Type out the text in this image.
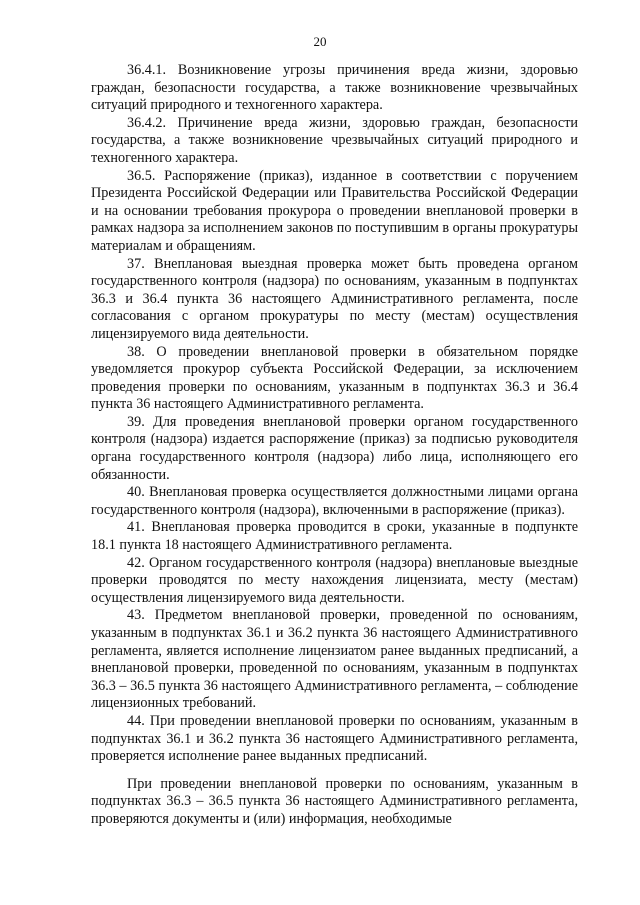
20

36.4.1. Возникновение угрозы причинения вреда жизни, здоровью граждан, безопасности государства, а также возникновение чрезвычайных ситуаций природного и техногенного характера.

36.4.2. Причинение вреда жизни, здоровью граждан, безопасности государства, а также возникновение чрезвычайных ситуаций природного и техногенного характера.

36.5. Распоряжение (приказ), изданное в соответствии с поручением Президента Российской Федерации или Правительства Российской Федерации и на основании требования прокурора о проведении внеплановой проверки в рамках надзора за исполнением законов по поступившим в органы прокуратуры материалам и обращениям.

37. Внеплановая выездная проверка может быть проведена органом государственного контроля (надзора) по основаниям, указанным в подпунктах 36.3 и 36.4 пункта 36 настоящего Административного регламента, после согласования с органом прокуратуры по месту (местам) осуществления лицензируемого вида деятельности.

38. О проведении внеплановой проверки в обязательном порядке уведомляется прокурор субъекта Российской Федерации, за исключением проведения проверки по основаниям, указанным в подпунктах 36.3 и 36.4 пункта 36 настоящего Административного регламента.

39. Для проведения внеплановой проверки органом государственного контроля (надзора) издается распоряжение (приказ) за подписью руководителя органа государственного контроля (надзора) либо лица, исполняющего его обязанности.

40. Внеплановая проверка осуществляется должностными лицами органа государственного контроля (надзора), включенными в распоряжение (приказ).

41. Внеплановая проверка проводится в сроки, указанные в подпункте 18.1 пункта 18 настоящего Административного регламента.

42. Органом государственного контроля (надзора) внеплановые выездные проверки проводятся по месту нахождения лицензиата, месту (местам) осуществления лицензируемого вида деятельности.

43. Предметом внеплановой проверки, проведенной по основаниям, указанным в подпунктах 36.1 и 36.2 пункта 36 настоящего Административного регламента, является исполнение лицензиатом ранее выданных предписаний, а внеплановой проверки, проведенной по основаниям, указанным в подпунктах 36.3 – 36.5 пункта 36 настоящего Административного регламента, – соблюдение лицензионных требований.

44. При проведении внеплановой проверки по основаниям, указанным в подпунктах 36.1 и 36.2 пункта 36 настоящего Административного регламента, проверяется исполнение ранее выданных предписаний.

При проведении внеплановой проверки по основаниям, указанным в подпунктах 36.3 – 36.5 пункта 36 настоящего Административного регламента, проверяются документы и (или) информация, необходимые
